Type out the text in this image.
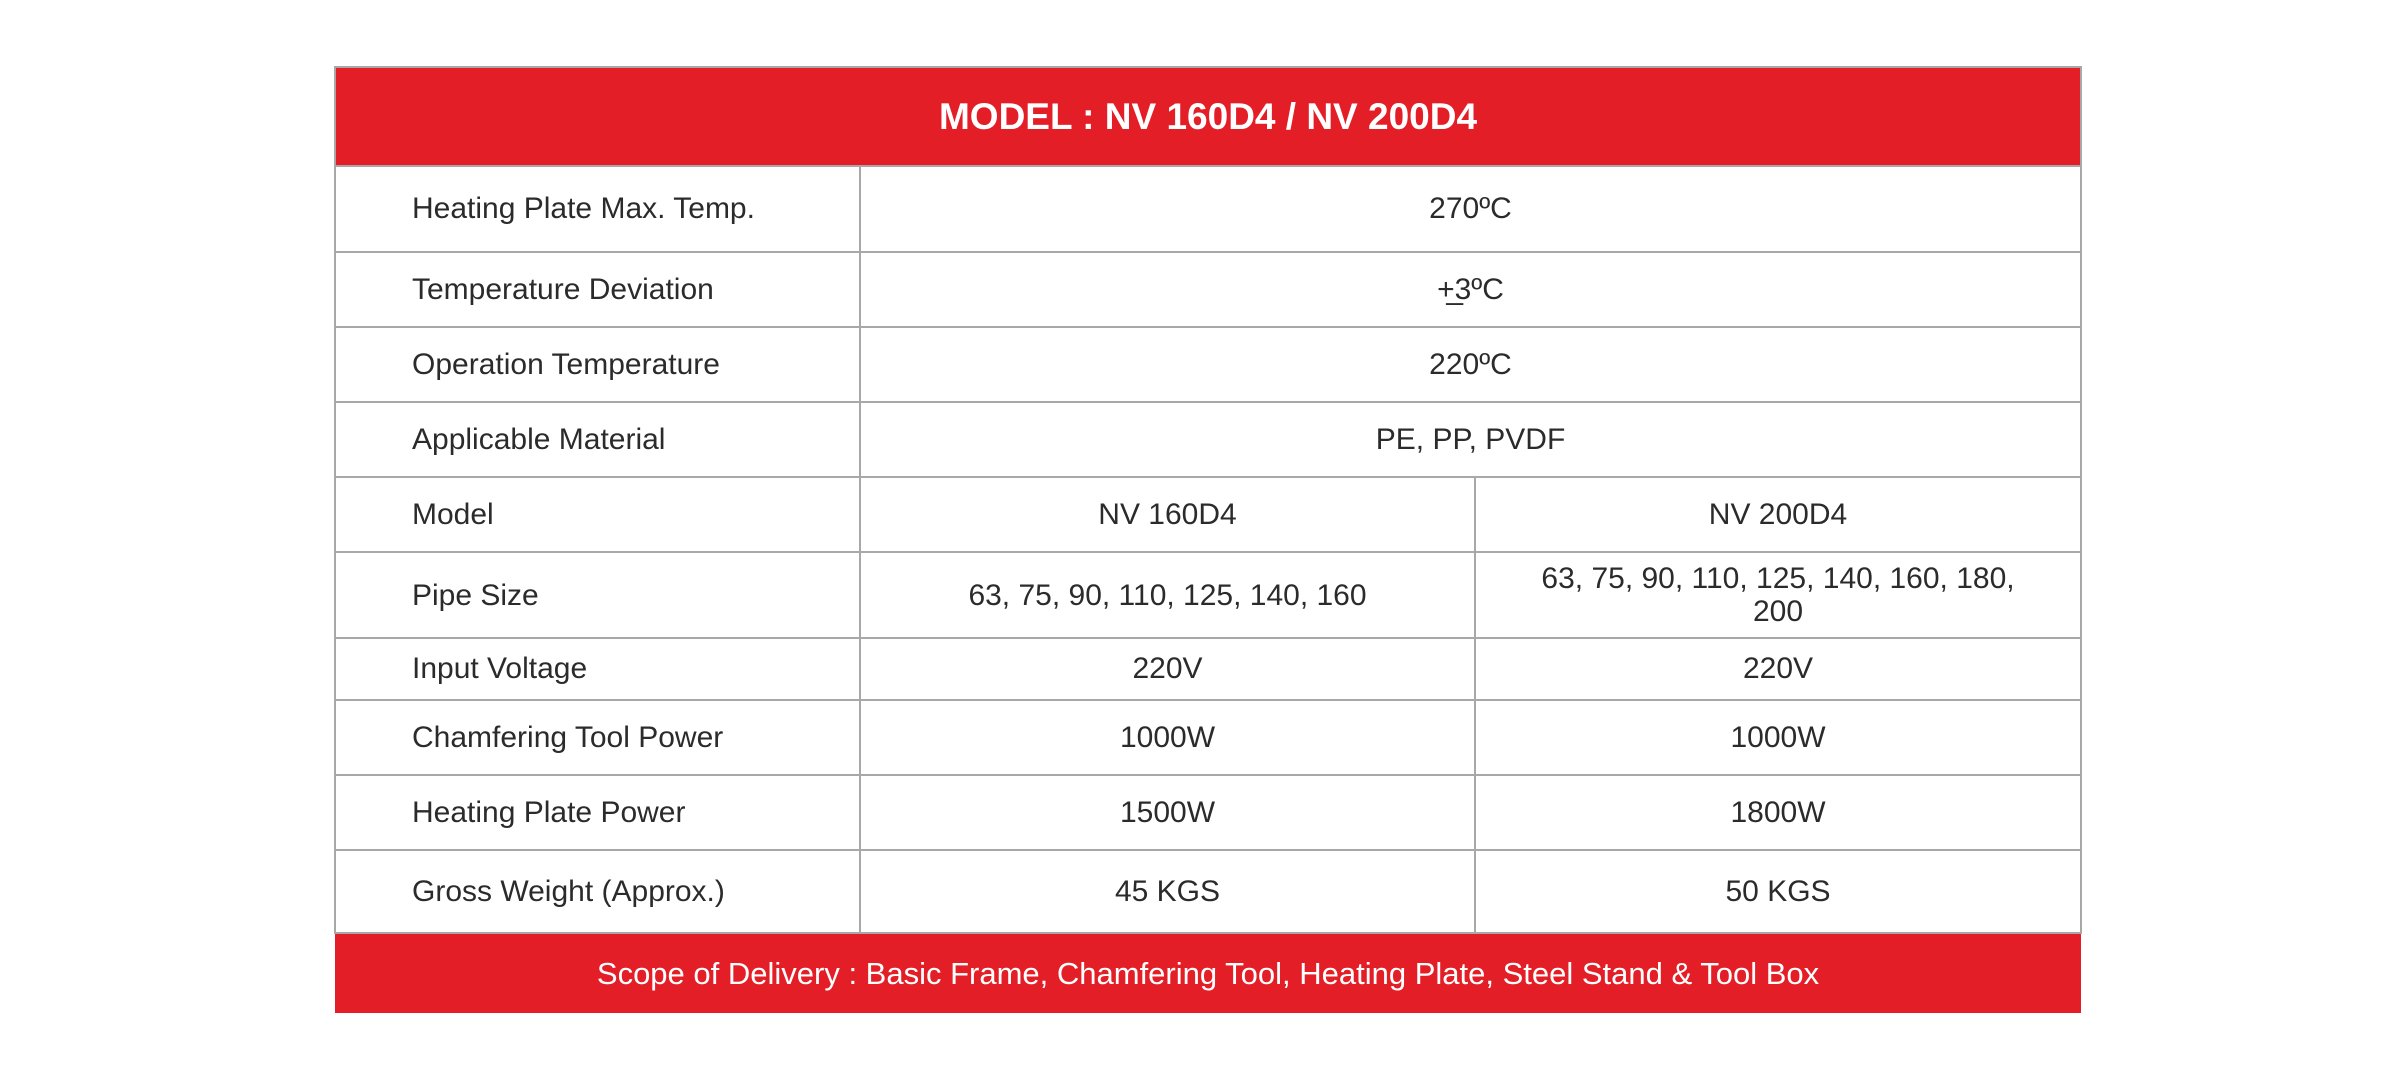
MODEL : NV 160D4 / NV 200D4		
Heating Plate Max. Temp.	270ºC	
Temperature Deviation	+̲3ºC	
Operation Temperature	220ºC	
Applicable Material	PE, PP, PVDF	
Model	NV 160D4	NV 200D4
Pipe Size	63, 75, 90, 110, 125, 140, 160	63, 75, 90, 110, 125, 140, 160, 180, 200
Input Voltage	220V	220V
Chamfering Tool Power	1000W	1000W
Heating Plate Power	1500W	1800W
Gross Weight (Approx.)	45 KGS	50 KGS
Scope of Delivery : Basic Frame, Chamfering Tool, Heating Plate, Steel Stand & Tool Box		
